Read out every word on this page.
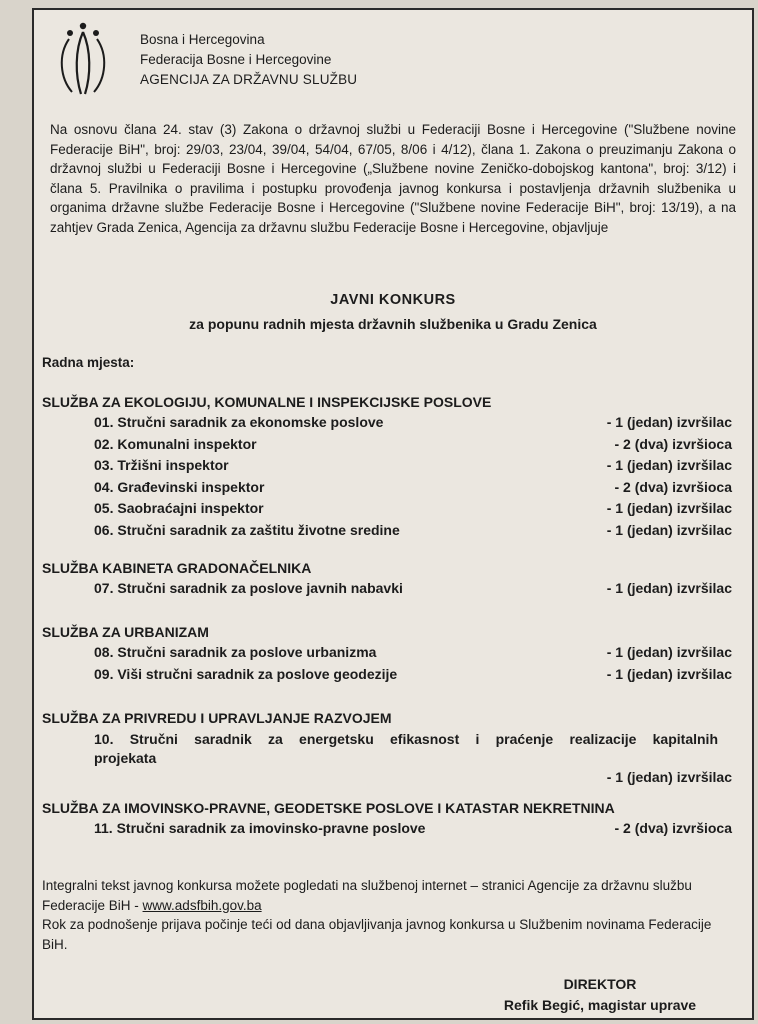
Bosna i Hercegovina
Federacija Bosne i Hercegovine
AGENCIJA ZA DRŽAVNU SLUŽBU
Na osnovu člana 24. stav (3) Zakona o državnoj službi u Federaciji Bosne i Hercegovine ("Službene novine Federacije BiH", broj: 29/03, 23/04, 39/04, 54/04, 67/05, 8/06 i 4/12), člana 1. Zakona o preuzimanju Zakona o državnoj službi u Federaciji Bosne i Hercegovine („Službene novine Zeničko-dobojskog kantona", broj: 3/12) i člana 5. Pravilnika o pravilima i postupku provođenja javnog konkursa i postavljenja državnih službenika u organima državne službe Federacije Bosne i Hercegovine ("Službene novine Federacije BiH", broj: 13/19), a na zahtjev Grada Zenica, Agencija za državnu službu Federacije Bosne i Hercegovine, objavljuje
JAVNI KONKURS
za popunu radnih mjesta državnih službenika u Gradu Zenica
Radna mjesta:
SLUŽBA ZA EKOLOGIJU, KOMUNALNE I INSPEKCIJSKE POSLOVE
01. Stručni saradnik za ekonomske poslove	- 1 (jedan) izvršilac
02. Komunalni inspektor	- 2 (dva) izvršioca
03. Tržišni inspektor	- 1 (jedan) izvršilac
04. Građevinski inspektor	- 2 (dva) izvršioca
05. Saobraćajni inspektor	- 1 (jedan) izvršilac
06. Stručni saradnik za zaštitu životne sredine	- 1 (jedan) izvršilac
SLUŽBA KABINETA GRADONAČELNIKA
07. Stručni saradnik za poslove javnih nabavki	- 1 (jedan) izvršilac
SLUŽBA ZA URBANIZAM
08. Stručni saradnik za poslove urbanizma	- 1 (jedan) izvršilac
09. Viši stručni saradnik za poslove geodezije	- 1 (jedan) izvršilac
SLUŽBA ZA PRIVREDU I UPRAVLJANJE RAZVOJEM
10. Stručni saradnik za energetsku efikasnost i praćenje realizacije kapitalnih
projekata
- 1 (jedan) izvršilac
SLUŽBA ZA IMOVINSKO-PRAVNE, GEODETSKE POSLOVE I KATASTAR NEKRETNINA
11. Stručni saradnik za imovinsko-pravne poslove	- 2 (dva) izvršioca
Integralni tekst javnog konkursa možete pogledati na službenoj internet – stranici Agencije za državnu službu Federacije BiH - www.adsfbih.gov.ba
Rok za podnošenje prijava počinje teći od dana objavljivanja javnog konkursa u Službenim novinama Federacije BiH.
DIREKTOR
Refik Begić, magistar uprave
